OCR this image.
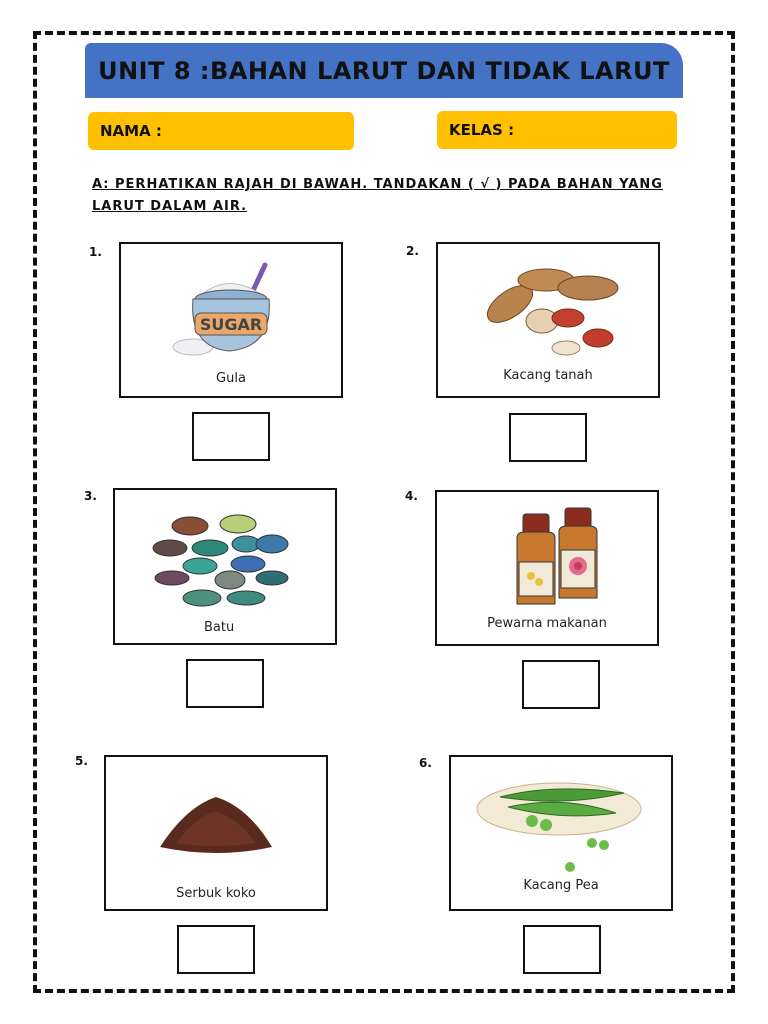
UNIT 8 :BAHAN LARUT DAN TIDAK LARUT
NAMA :	KELAS :
A: PERHATIKAN RAJAH DI BAWAH. TANDAKAN ( √ ) PADA BAHAN YANG LARUT DALAM AIR.
1.
SUGAR
Gula
2.
Kacang tanah
3.
Batu
4.
Pewarna makanan
5.
Serbuk koko
6.
Kacang Pea
